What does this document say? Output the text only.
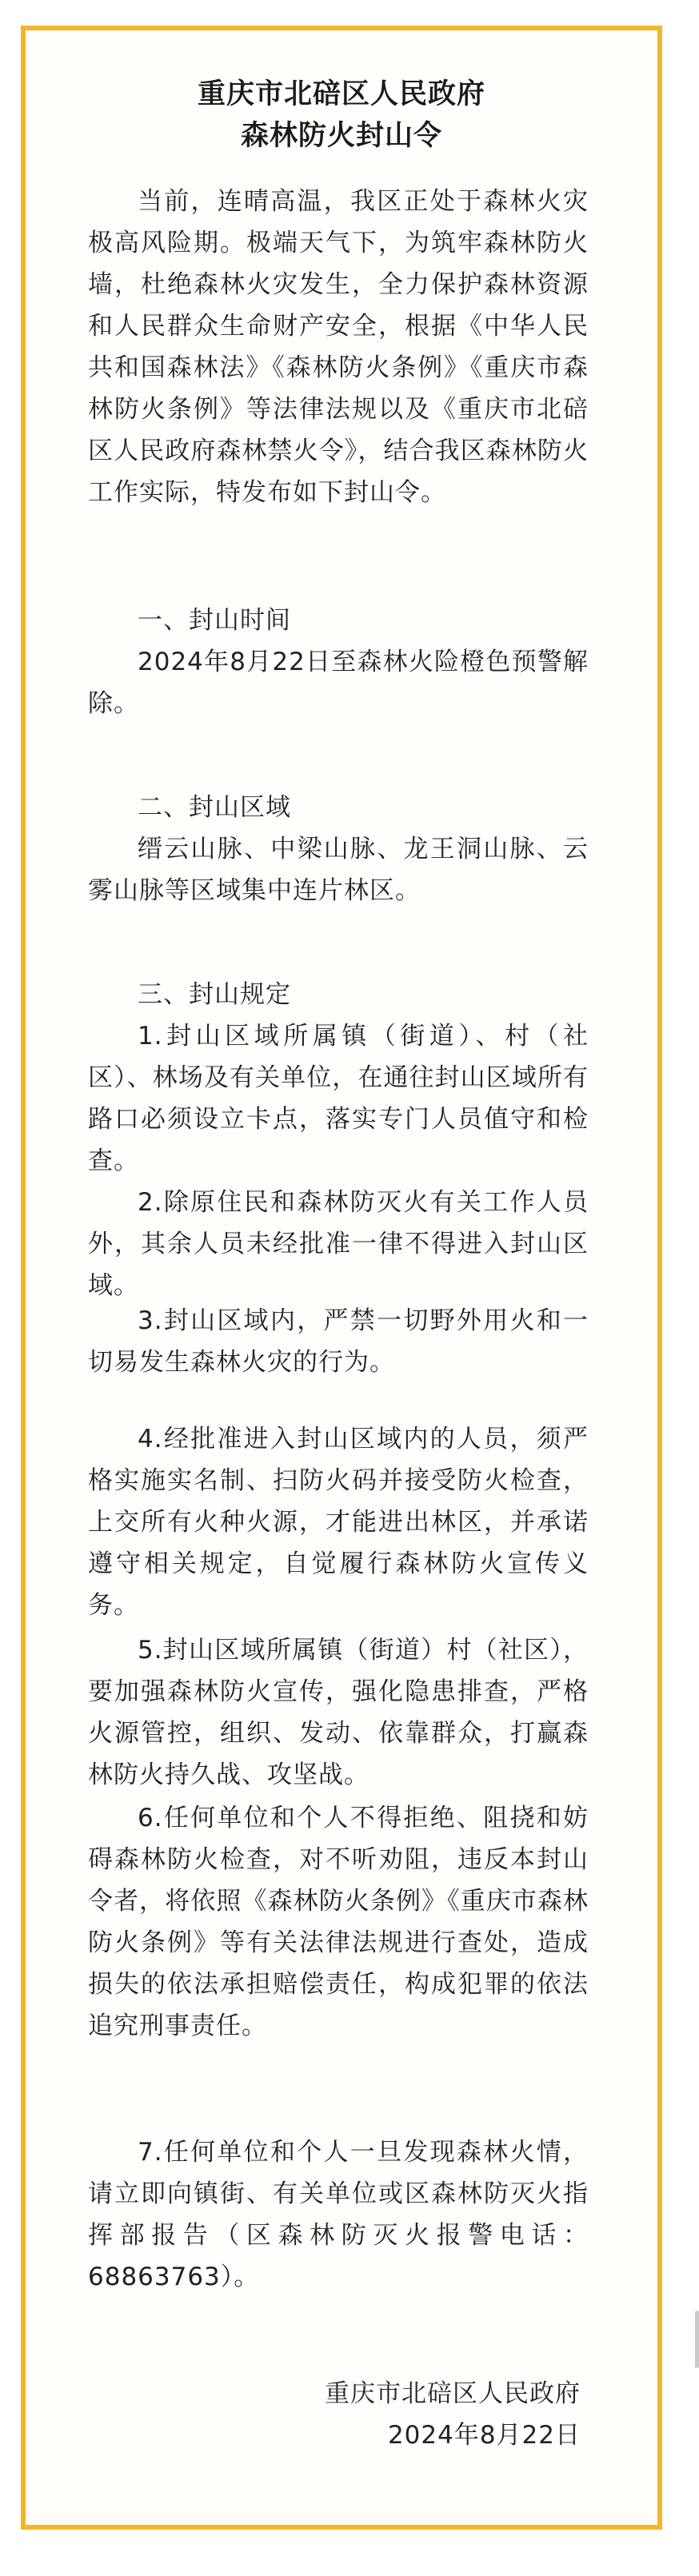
重庆市北碚区人民政府
森林防火封山令
当前，连晴高温，我区正处于森林火灾极高风险期。极端天气下，为筑牢森林防火墙，杜绝森林火灾发生，全力保护森林资源和人民群众生命财产安全，根据《中华人民共和国森林法》《森林防火条例》《重庆市森林防火条例》等法律法规以及《重庆市北碚区人民政府森林禁火令》，结合我区森林防火工作实际，特发布如下封山令。
一、封山时间
2024年8月22日至森林火险橙色预警解除。
二、封山区域
缙云山脉、中梁山脉、龙王洞山脉、云雾山脉等区域集中连片林区。
三、封山规定
1.封山区域所属镇（街道）、村（社区）、林场及有关单位，在通往封山区域所有路口必须设立卡点，落实专门人员值守和检查。
2.除原住民和森林防灭火有关工作人员外，其余人员未经批准一律不得进入封山区域。
3.封山区域内，严禁一切野外用火和一切易发生森林火灾的行为。
4.经批准进入封山区域内的人员，须严格实施实名制、扫防火码并接受防火检查，上交所有火种火源，才能进出林区，并承诺遵守相关规定，自觉履行森林防火宣传义务。
5.封山区域所属镇（街道）村（社区），要加强森林防火宣传，强化隐患排查，严格火源管控，组织、发动、依靠群众，打赢森林防火持久战、攻坚战。
6.任何单位和个人不得拒绝、阻挠和妨碍森林防火检查，对不听劝阻，违反本封山令者，将依照《森林防火条例》《重庆市森林防火条例》等有关法律法规进行查处，造成损失的依法承担赔偿责任，构成犯罪的依法追究刑事责任。
7.任何单位和个人一旦发现森林火情，请立即向镇街、有关单位或区森林防灭火指挥部报告（区森林防灭火报警电话：68863763）。
重庆市北碚区人民政府
2024年8月22日
